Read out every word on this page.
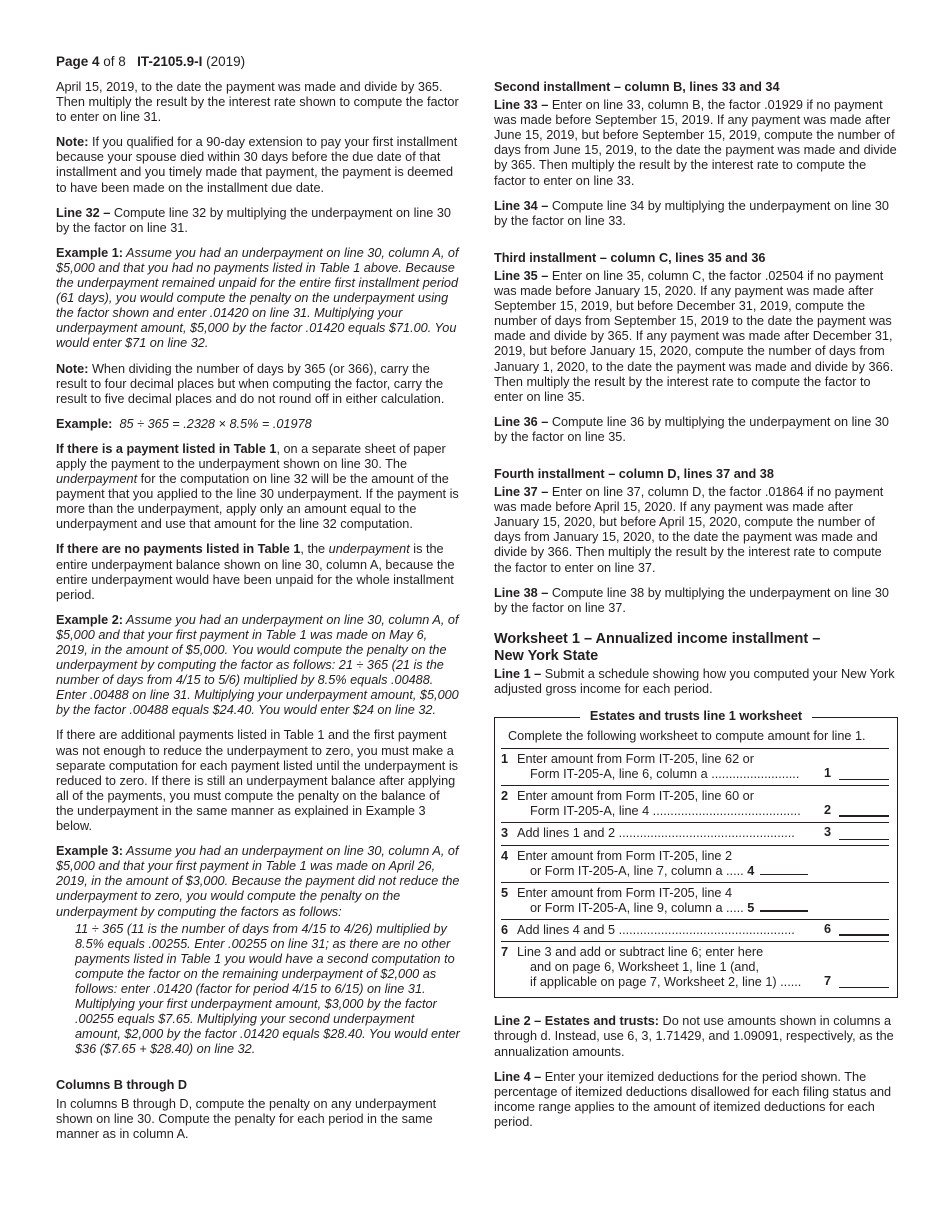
Page 4 of 8 IT-2105.9-I (2019)

April 15, 2019, to the date the payment was made and divide by 365. Then multiply the result by the interest rate shown to compute the factor to enter on line 31.

Note: If you qualified for a 90-day extension to pay your first installment because your spouse died within 30 days before the due date of that installment and you timely made that payment, the payment is deemed to have been made on the installment due date.

Line 32 – Compute line 32 by multiplying the underpayment on line 30 by the factor on line 31.

Example 1: Assume you had an underpayment on line 30, column A, of $5,000 and that you had no payments listed in Table 1 above. Because the underpayment remained unpaid for the entire first installment period (61 days), you would compute the penalty on the underpayment using the factor shown and enter .01420 on line 31. Multiplying your underpayment amount, $5,000 by the factor .01420 equals $71.00. You would enter $71 on line 32.

Note: When dividing the number of days by 365 (or 366), carry the result to four decimal places but when computing the factor, carry the result to five decimal places and do not round off in either calculation.

Example: 85 ÷ 365 = .2328 × 8.5% = .01978

If there is a payment listed in Table 1, on a separate sheet of paper apply the payment to the underpayment shown on line 30. The underpayment for the computation on line 32 will be the amount of the payment that you applied to the line 30 underpayment. If the payment is more than the underpayment, apply only an amount equal to the underpayment and use that amount for the line 32 computation.

If there are no payments listed in Table 1, the underpayment is the entire underpayment balance shown on line 30, column A, because the entire underpayment would have been unpaid for the whole installment period.

Example 2: Assume you had an underpayment on line 30, column A, of $5,000 and that your first payment in Table 1 was made on May 6, 2019, in the amount of $5,000. You would compute the penalty on the underpayment by computing the factor as follows: 21 ÷ 365 (21 is the number of days from 4/15 to 5/6) multiplied by 8.5% equals .00488. Enter .00488 on line 31. Multiplying your underpayment amount, $5,000 by the factor .00488 equals $24.40. You would enter $24 on line 32.

If there are additional payments listed in Table 1 and the first payment was not enough to reduce the underpayment to zero, you must make a separate computation for each payment listed until the underpayment is reduced to zero. If there is still an underpayment balance after applying all of the payments, you must compute the penalty on the balance of the underpayment in the same manner as explained in Example 3 below.

Example 3: Assume you had an underpayment on line 30, column A, of $5,000 and that your first payment in Table 1 was made on April 26, 2019, in the amount of $3,000. Because the payment did not reduce the underpayment to zero, you would compute the penalty on the underpayment by computing the factors as follows:

11 ÷ 365 (11 is the number of days from 4/15 to 4/26) multiplied by 8.5% equals .00255. Enter .00255 on line 31; as there are no other payments listed in Table 1 you would have a second computation to compute the factor on the remaining underpayment of $2,000 as follows: enter .01420 (factor for period 4/15 to 6/15) on line 31. Multiplying your first underpayment amount, $3,000 by the factor .00255 equals $7.65. Multiplying your second underpayment amount, $2,000 by the factor .01420 equals $28.40. You would enter $36 ($7.65 + $28.40) on line 32.

Columns B through D

In columns B through D, compute the penalty on any underpayment shown on line 30. Compute the penalty for each period in the same manner as in column A.

Second installment – column B, lines 33 and 34

Line 33 – Enter on line 33, column B, the factor .01929 if no payment was made before September 15, 2019. If any payment was made after June 15, 2019, but before September 15, 2019, compute the number of days from June 15, 2019, to the date the payment was made and divide by 365. Then multiply the result by the interest rate to compute the factor to enter on line 33.

Line 34 – Compute line 34 by multiplying the underpayment on line 30 by the factor on line 33.

Third installment – column C, lines 35 and 36

Line 35 – Enter on line 35, column C, the factor .02504 if no payment was made before January 15, 2020. If any payment was made after September 15, 2019, but before December 31, 2019, compute the number of days from September 15, 2019 to the date the payment was made and divide by 365. If any payment was made after December 31, 2019, but before January 15, 2020, compute the number of days from January 1, 2020, to the date the payment was made and divide by 366. Then multiply the result by the interest rate to compute the factor to enter on line 35.

Line 36 – Compute line 36 by multiplying the underpayment on line 30 by the factor on line 35.

Fourth installment – column D, lines 37 and 38

Line 37 – Enter on line 37, column D, the factor .01864 if no payment was made before April 15, 2020. If any payment was made after January 15, 2020, but before April 15, 2020, compute the number of days from January 15, 2020, to the date the payment was made and divide by 366. Then multiply the result by the interest rate to compute the factor to enter on line 37.

Line 38 – Compute line 38 by multiplying the underpayment on line 30 by the factor on line 37.

Worksheet 1 – Annualized income installment –
New York State

Line 1 – Submit a schedule showing how you computed your New York adjusted gross income for each period.

Estates and trusts line 1 worksheet
Complete the following worksheet to compute amount for line 1.
1 Enter amount from Form IT-205, line 62 or
Form IT-205-A, line 6, column a .........................	1
2 Enter amount from Form IT-205, line 60 or
Form IT-205-A, line 4 ..........................................	2
3 Add lines 1 and 2 ..................................................	3
4 Enter amount from Form IT-205, line 2
or Form IT-205-A, line 7, column a ..... 4
5 Enter amount from Form IT-205, line 4
or Form IT-205-A, line 9, column a ..... 5
6 Add lines 4 and 5 ..................................................	6
7 Line 3 and add or subtract line 6; enter here
and on page 6, Worksheet 1, line 1 (and,
if applicable on page 7, Worksheet 2, line 1) ......	7

Line 2 – Estates and trusts: Do not use amounts shown in columns a through d. Instead, use 6, 3, 1.71429, and 1.09091, respectively, as the annualization amounts.

Line 4 – Enter your itemized deductions for the period shown. The percentage of itemized deductions disallowed for each filing status and income range applies to the amount of itemized deductions for each period.
